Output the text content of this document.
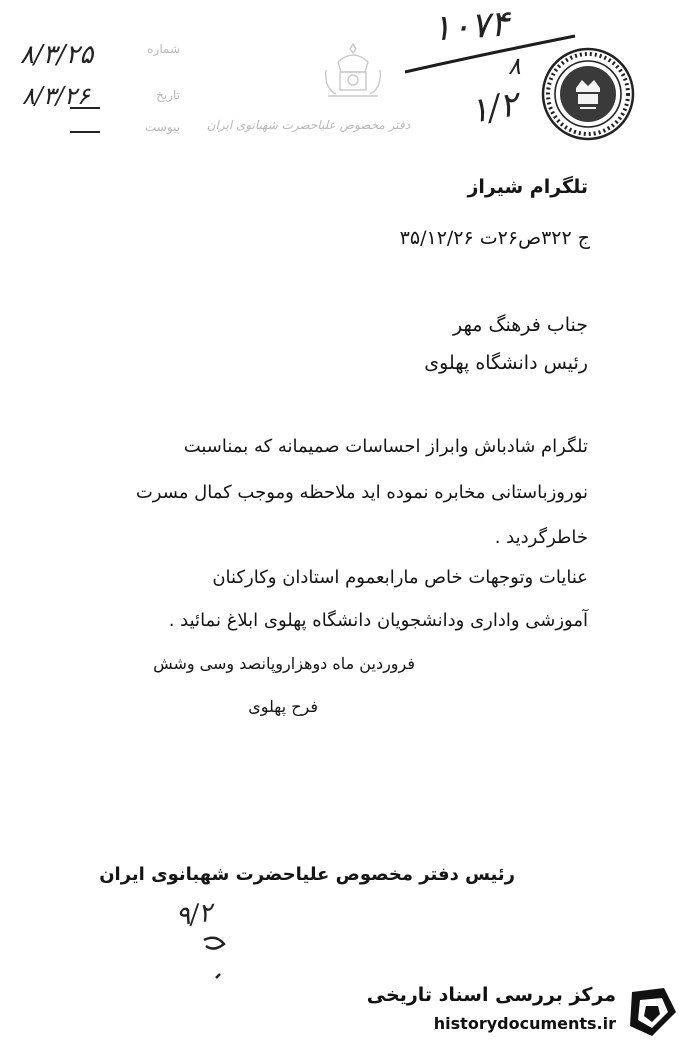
۸/۳/۲۵
۸/۳/۲۶
شماره
تاریخ
پیوست دفتر مخصوص علیاحضرت شهبانوی ایران
۱۰۷۴
۸
۱/۲
تلگرام شیراز
ج ۳۲۲ص۲۶ت ۳۵/۱۲/۲۶
جناب فرهنگ مهر
رئیس دانشگاه پهلوی
تلگرام شادباش وابراز احساسات صمیمانه که بمناسبت
نوروزباستانی مخابره نموده اید ملاحظه وموجب کمال مسرت
خاطرگردید .
عنایات وتوجهات خاص مارابعموم استادان وکارکنان
آموزشی واداری ودانشجویان دانشگاه پهلوی ابلاغ نمائید .
فروردین ماه دوهزاروپانصد وسی وشش
فرح پهلوی
رئیس دفتر مخصوص علیاحضرت شهبانوی ایران
۹/۲
مرکز بررسی اسناد تاریخی
historydocuments.ir
